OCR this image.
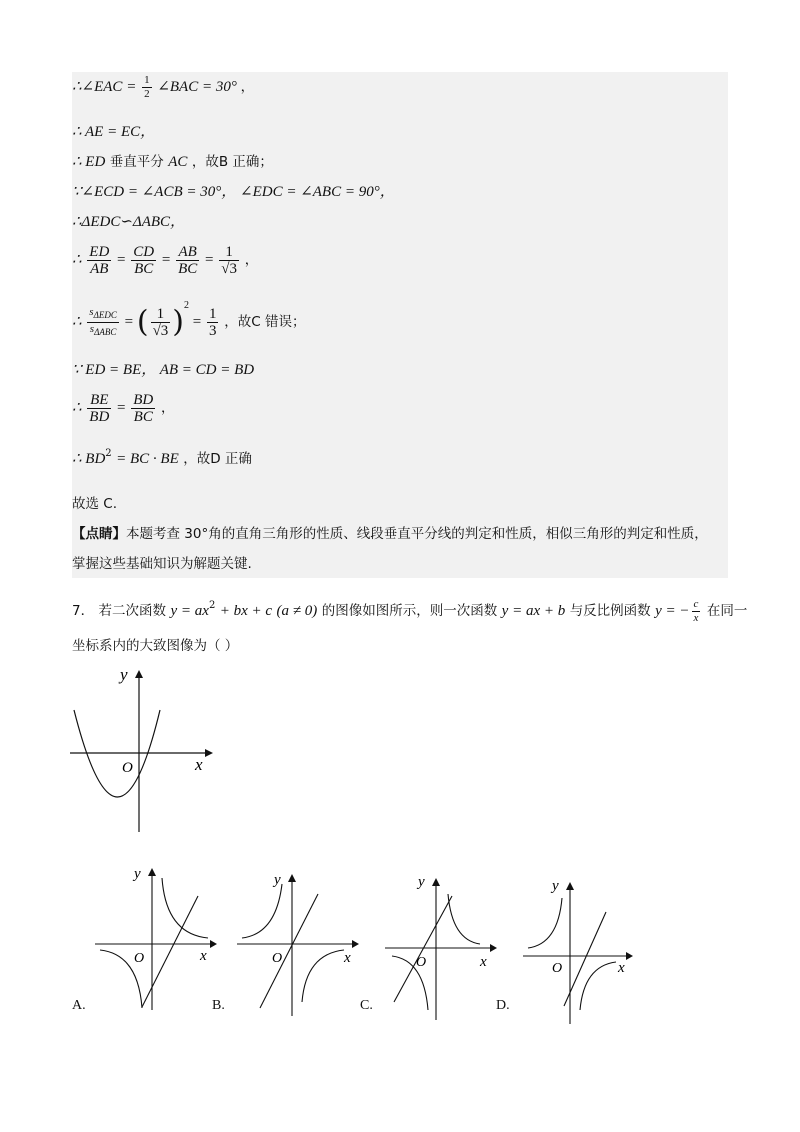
∴∠EAC = $\frac{1}{2}$ ∠BAC = 30° ，
∴ AE = EC，
∴ ED 垂直平分 AC ，故B 正确；
∵∠ECD = ∠ACB = 30°， ∠EDC = ∠ABC = 90°，
∴ΔEDC∽ΔABC，
∴ $\frac{ED}{AB} = \frac{CD}{BC} = \frac{AB}{BC} = \frac{1}{√3}$ ，
∴ $\frac{s_{\Delta EDC}}{s_{\Delta ABC}}$ = ( $\frac{1}{√3} )^2 = \frac{1}{3}$ ，故C 错误；
∵ ED = BE， AB = CD = BD
∴ $\frac{BE}{BD} = \frac{BD}{BC}$ ，
∴ $BD^2$ = BC · BE ，故D 正确
故选 C.
【点睛】本题考查 30°角的直角三角形的性质、线段垂直平分线的判定和性质，相似三角形的判定和性质，
掌握这些基础知识为解题关键.
7． 若二次函数 $y = ax^2$ + bx + c (a ≠ 0) 的图像如图所示，则一次函数 y = ax + b 与反比例函数 y = − $\frac{c}{x}$ 在同一
坐标系内的大致图像为（ ）
x
y
O
y
x
O
A.
y
x
O
B.
y
x
O
C.
y
x
O
D.
